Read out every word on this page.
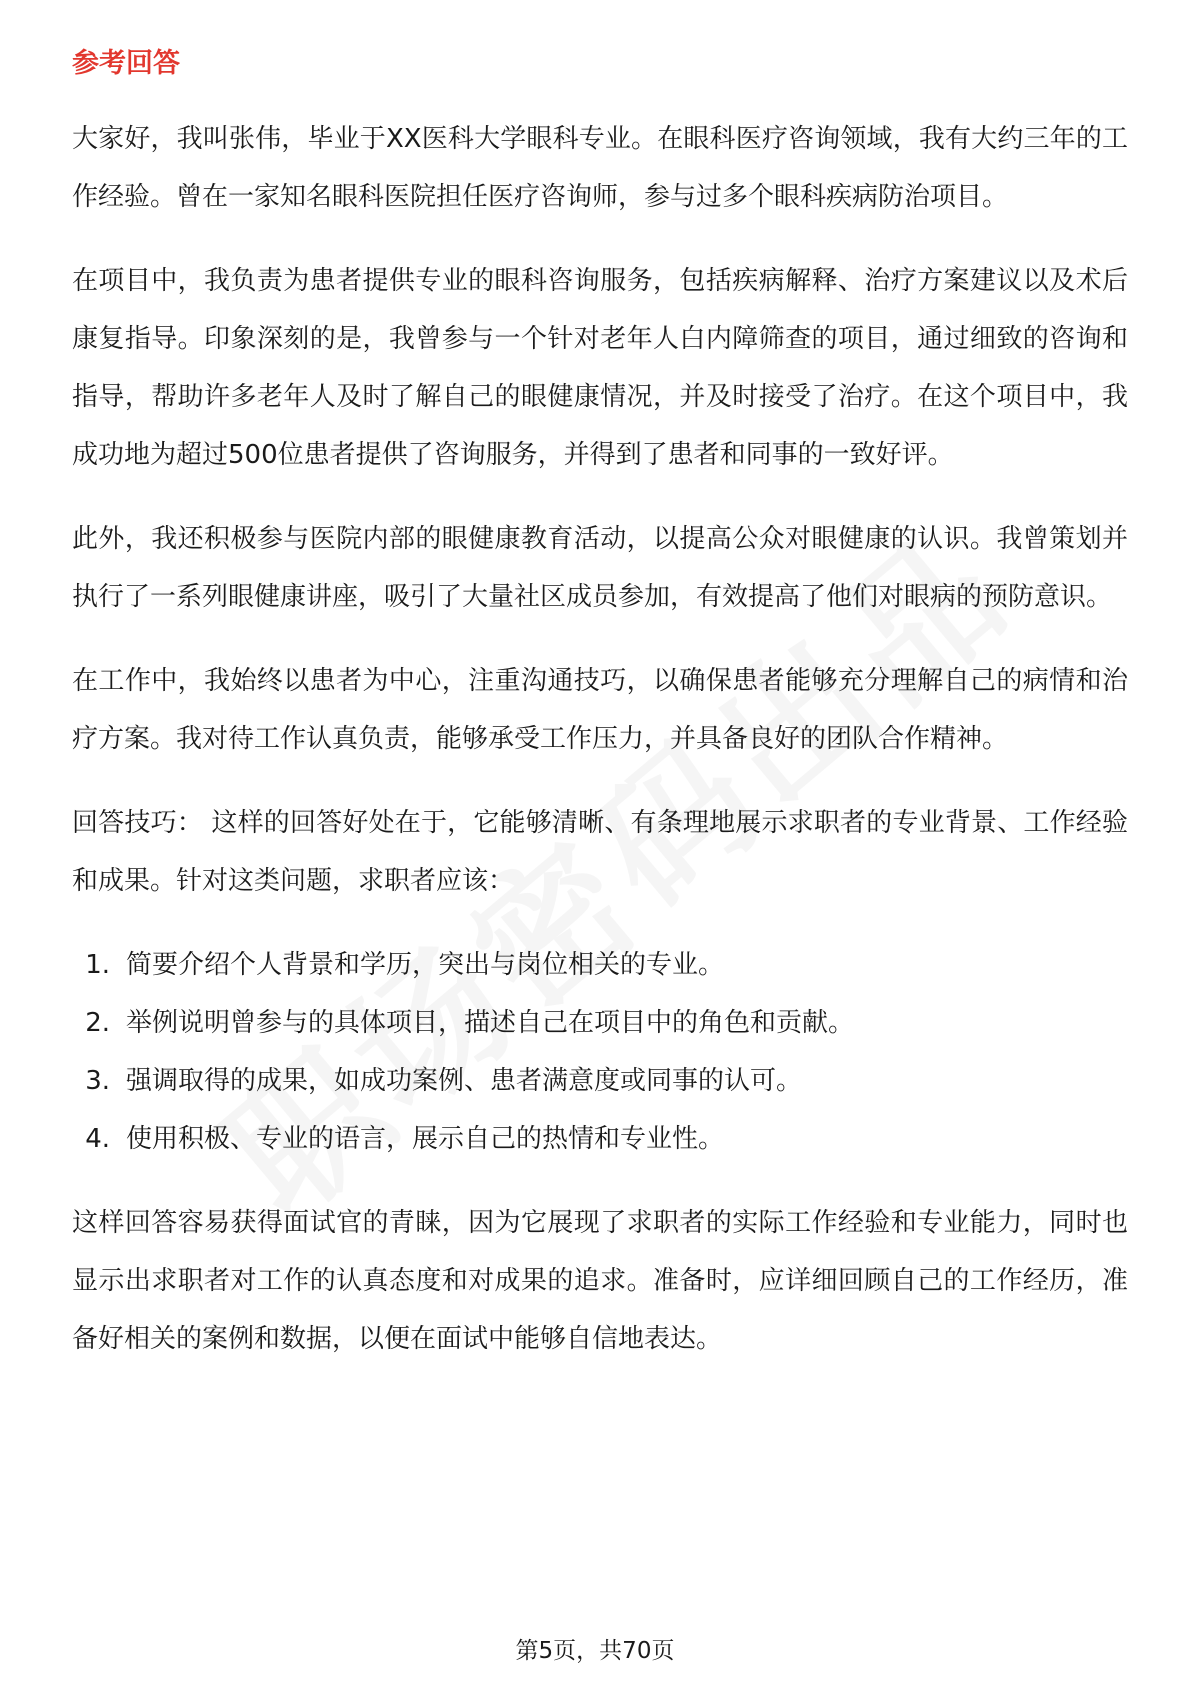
参考回答

大家好，我叫张伟，毕业于XX医科大学眼科专业。在眼科医疗咨询领域，我有大约三年的工作经验。曾在一家知名眼科医院担任医疗咨询师，参与过多个眼科疾病防治项目。

在项目中，我负责为患者提供专业的眼科咨询服务，包括疾病解释、治疗方案建议以及术后康复指导。印象深刻的是，我曾参与一个针对老年人白内障筛查的项目，通过细致的咨询和指导，帮助许多老年人及时了解自己的眼健康情况，并及时接受了治疗。在这个项目中，我成功地为超过500位患者提供了咨询服务，并得到了患者和同事的一致好评。

此外，我还积极参与医院内部的眼健康教育活动，以提高公众对眼健康的认识。我曾策划并执行了一系列眼健康讲座，吸引了大量社区成员参加，有效提高了他们对眼病的预防意识。

在工作中，我始终以患者为中心，注重沟通技巧，以确保患者能够充分理解自己的病情和治疗方案。我对待工作认真负责，能够承受工作压力，并具备良好的团队合作精神。

回答技巧： 这样的回答好处在于，它能够清晰、有条理地展示求职者的专业背景、工作经验和成果。针对这类问题，求职者应该：

1. 简要介绍个人背景和学历，突出与岗位相关的专业。
2. 举例说明曾参与的具体项目，描述自己在项目中的角色和贡献。
3. 强调取得的成果，如成功案例、患者满意度或同事的认可。
4. 使用积极、专业的语言，展示自己的热情和专业性。

这样回答容易获得面试官的青睐，因为它展现了求职者的实际工作经验和专业能力，同时也显示出求职者对工作的认真态度和对成果的追求。准备时，应详细回顾自己的工作经历，准备好相关的案例和数据，以便在面试中能够自信地表达。

第5页，共70页
